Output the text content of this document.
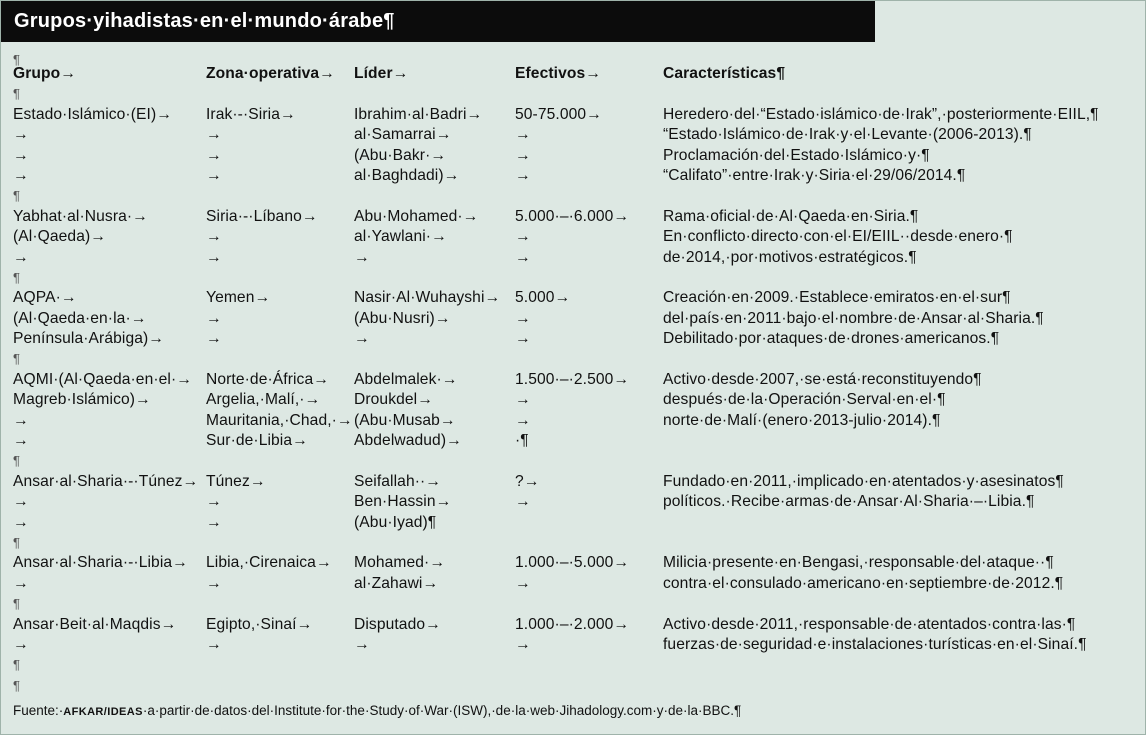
Grupos·yihadistas·en·el·mundo·árabe¶
¶
Grupo→	Zona·operativa→ Líder→	Efectivos→	Características¶
¶
Estado·Islámico·(EI)→ Irak·-·Siria→	Ibrahim·al·Badri→ 50-75.000→	Heredero·del·“Estado·islámico·de·Irak”,·posteriormente·EIIL,¶
→	→	al·Samarrai→	→	“Estado·Islámico·de·Irak·y·el·Levante·(2006-2013).¶
→	→	(Abu·Bakr·→	→	Proclamación·del·Estado·Islámico·y·¶
→	→	al·Baghdadi)→	→	“Califato”·entre·Irak·y·Siria·el·29/06/2014.¶
¶
Yabhat·al·Nusra·→	Siria·-·Líbano→ Abu·Mohamed·→ 5.000·–·6.000→ Rama·oficial·de·Al·Qaeda·en·Siria.¶
(Al·Qaeda)→	→	al·Yawlani·→	→	En·conflicto·directo·con·el·EI/EIIL··desde·enero·¶
→	→	→	→	de·2014,·por·motivos·estratégicos.¶
¶
AQPA·→	Yemen→	Nasir·Al·Wuhayshi→ 5.000→	Creación·en·2009.·Establece·emiratos·en·el·sur¶
(Al·Qaeda·en·la·→	→	(Abu·Nusri)→	→	del·país·en·2011·bajo·el·nombre·de·Ansar·al·Sharia.¶
Península·Arábiga)→	→	→	→	Debilitado·por·ataques·de·drones·americanos.¶
¶
AQMI·(Al·Qaeda·en·el·→ Norte·de·África→ Abdelmalek·→	1.500·–·2.500→ Activo·desde·2007,·se·está·reconstituyendo¶
Magreb·Islámico)→	Argelia,·Malí,·→ Droukdel→	→	después·de·la·Operación·Serval·en·el·¶
→	Mauritania,·Chad,·→ (Abu·Musab→	→	norte·de·Malí·(enero·2013-julio·2014).¶
→	Sur·de·Libia→	Abdelwadud)→	·¶
¶
Ansar·al·Sharia·-·Túnez→ Túnez→	Seifallah··→	?→	Fundado·en·2011,·implicado·en·atentados·y·asesinatos¶
→	→	Ben·Hassin→	→	políticos.·Recibe·armas·de·Ansar·Al·Sharia·–·Libia.¶
→	→	(Abu·Iyad)¶
¶
Ansar·al·Sharia·-·Libia→ Libia,·Cirenaica→ Mohamed·→	1.000·–·5.000→ Milicia·presente·en·Bengasi,·responsable·del·ataque··¶
→	→	al·Zahawi→	→	contra·el·consulado·americano·en·septiembre·de·2012.¶
¶
Ansar·Beit·al·Maqdis→ Egipto,·Sinaí→	Disputado→	1.000·–·2.000→ Activo·desde·2011,·responsable·de·atentados·contra·las·¶
→	→	→	→	fuerzas·de·seguridad·e·instalaciones·turísticas·en·el·Sinaí.¶
¶
¶
Fuente:·AFKAR/IDEAS·a·partir·de·datos·del·Institute·for·the·Study·of·War·(ISW),·de·la·web·Jihadology.com·y·de·la·BBC.¶
